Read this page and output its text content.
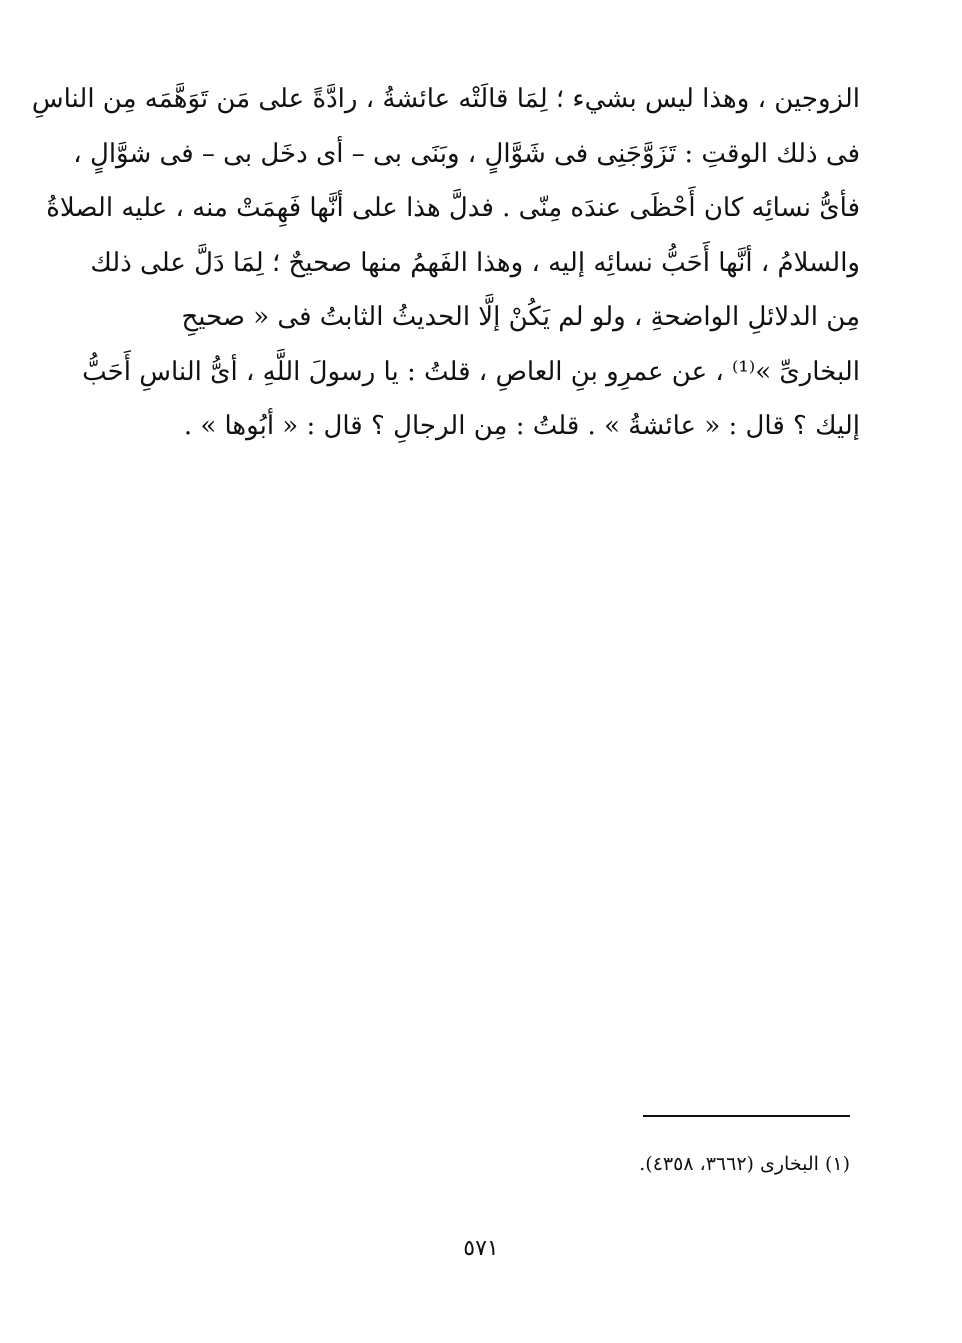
الزوجين ، وهذا ليس بشيء ؛ لِمَا قالَتْه عائشةُ ، رادَّةً على مَن تَوَهَّمَه مِن الناسِ
فى ذلك الوقتِ : تَزَوَّجَنِى فى شَوَّالٍ ، وبَنَى بى – أى دخَل بى – فى شوَّالٍ ،
فأىُّ نسائِه كان أَحْظَى عندَه مِنّى . فدلَّ هذا على أنَّها فَهِمَتْ منه ، عليه الصلاةُ
والسلامُ ، أنَّها أَحَبُّ نسائِه إليه ، وهذا الفَهمُ منها صحيحٌ ؛ لِمَا دَلَّ على ذلك
مِن الدلائلِ الواضحةِ ، ولو لم يَكُنْ إلَّا الحديثُ الثابتُ فى « صحيحِ
البخارىِّ »⁽¹⁾ ، عن عمرِو بنِ العاصِ ، قلتُ : يا رسولَ اللَّهِ ، أىُّ الناسِ أَحَبُّ
إليك ؟ قال : « عائشةُ » . قلتُ : مِن الرجالِ ؟ قال : « أبُوها » .
(١) البخارى (٣٦٦٢، ٤٣٥٨).
٥٧١
